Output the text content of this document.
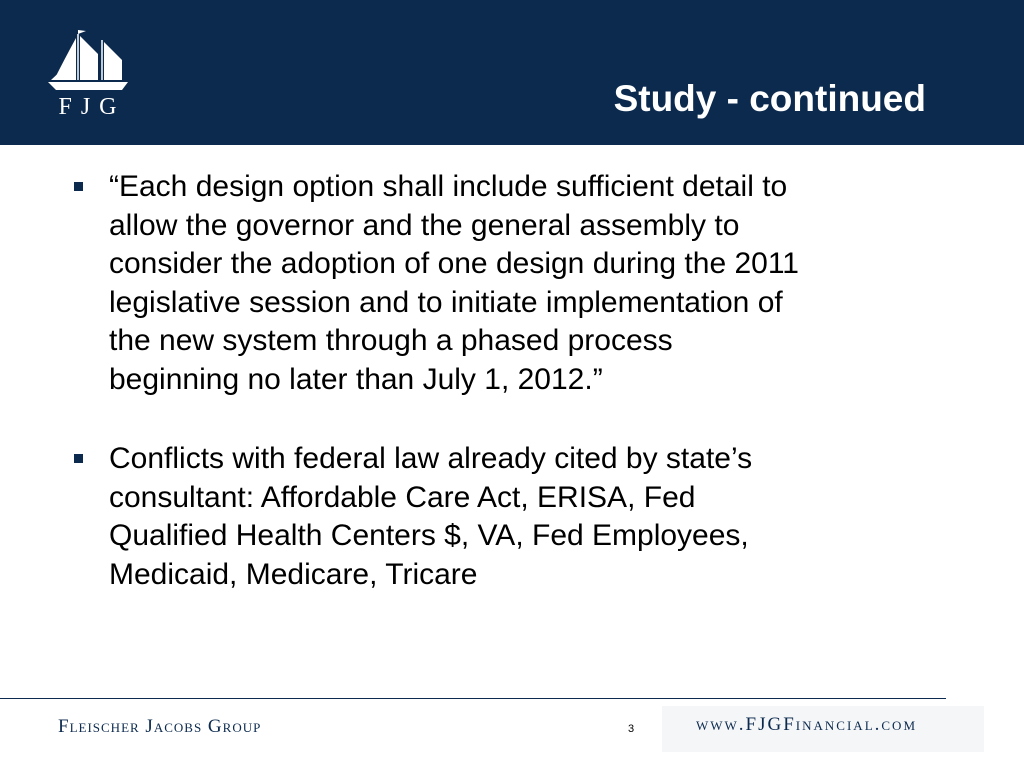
FJG	Study - continued
“Each design option shall include sufficient detail to
allow the governor and the general assembly to
consider the adoption of one design during the 2011
legislative session and to initiate implementation of
the new system through a phased process
beginning no later than July 1, 2012.”
Conflicts with federal law already cited by state’s
consultant: Affordable Care Act, ERISA, Fed
Qualified Health Centers $, VA, Fed Employees,
Medicaid, Medicare, Tricare
Fleischer Jacobs Group	3	www.FJGFinancial.com
